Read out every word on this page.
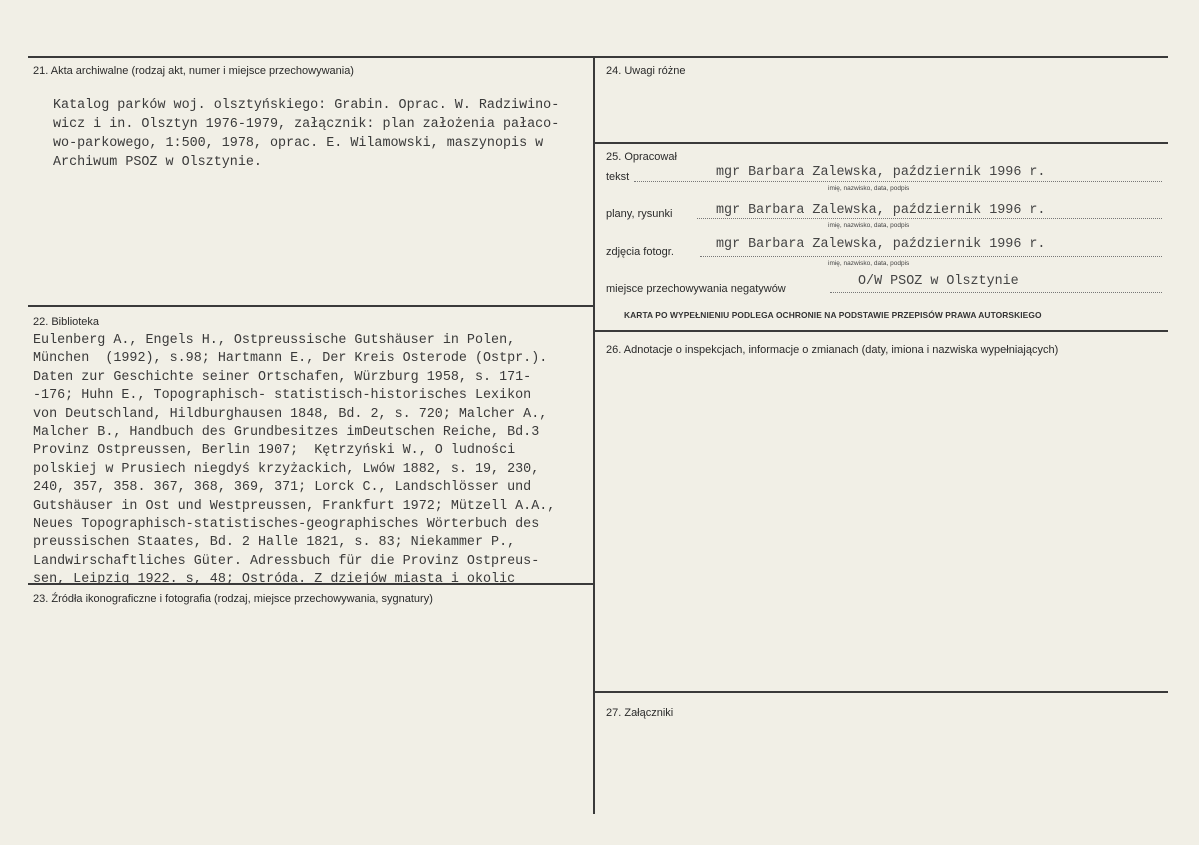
21. Akta archiwalne (rodzaj akt, numer i miejsce przechowywania)
Katalog parków woj. olsztyńskiego: Grabin. Oprac. W. Radziwino-
wicz i in. Olsztyn 1976-1979, załącznik: plan założenia pałaco-
wo-parkowego, 1:500, 1978, oprac. E. Wilamowski, maszynopis w
Archiwum PSOZ w Olsztynie.
22. Biblioteka
Eulenberg A., Engels H., Ostpreussische Gutshäuser in Polen,
München  (1992), s.98; Hartmann E., Der Kreis Osterode (Ostpr.).
Daten zur Geschichte seiner Ortschafen, Würzburg 1958, s. 171-
-176; Huhn E., Topographisch- statistisch-historisches Lexikon
von Deutschland, Hildburghausen 1848, Bd. 2, s. 720; Malcher A.,
Malcher B., Handbuch des Grundbesitzes imDeutschen Reiche, Bd.3
Provinz Ostpreussen, Berlin 1907;  Kętrzyński W., O ludności
polskiej w Prusiech niegdyś krzyżackich, Lwów 1882, s. 19, 230,
240, 357, 358. 367, 368, 369, 371; Lorck C., Landschlösser und
Gutshäuser in Ost und Westpreussen, Frankfurt 1972; Mützell A.A.,
Neues Topographisch-statistisches-geographisches Wörterbuch des
preussischen Staates, Bd. 2 Halle 1821, s. 83; Niekammer P.,
Landwirschaftliches Güter. Adressbuch für die Provinz Ostpreus-
sen, Leipzig 1922. s, 48; Ostróda. Z dziejów miasta i okolic
23. Źródła ikonograficzne i fotografia (rodzaj, miejsce przechowywania, sygnatury)
24. Uwagi różne
25. Opracował
tekst	mgr Barbara Zalewska, październik 1996 r.
imię, nazwisko, data, podpis
plany, rysunki	mgr Barbara Zalewska, październik 1996 r.
imię, nazwisko, data, podpis
zdjęcia fotogr.	mgr Barbara Zalewska, październik 1996 r.
imię, nazwisko, data, podpis
miejsce przechowywania negatywów	O/W PSOZ w Olsztynie
KARTA PO WYPEŁNIENIU PODLEGA OCHRONIE NA PODSTAWIE PRZEPISÓW PRAWA AUTORSKIEGO
26. Adnotacje o inspekcjach, informacje o zmianach (daty, imiona i nazwiska wypełniających)
27. Załączniki
